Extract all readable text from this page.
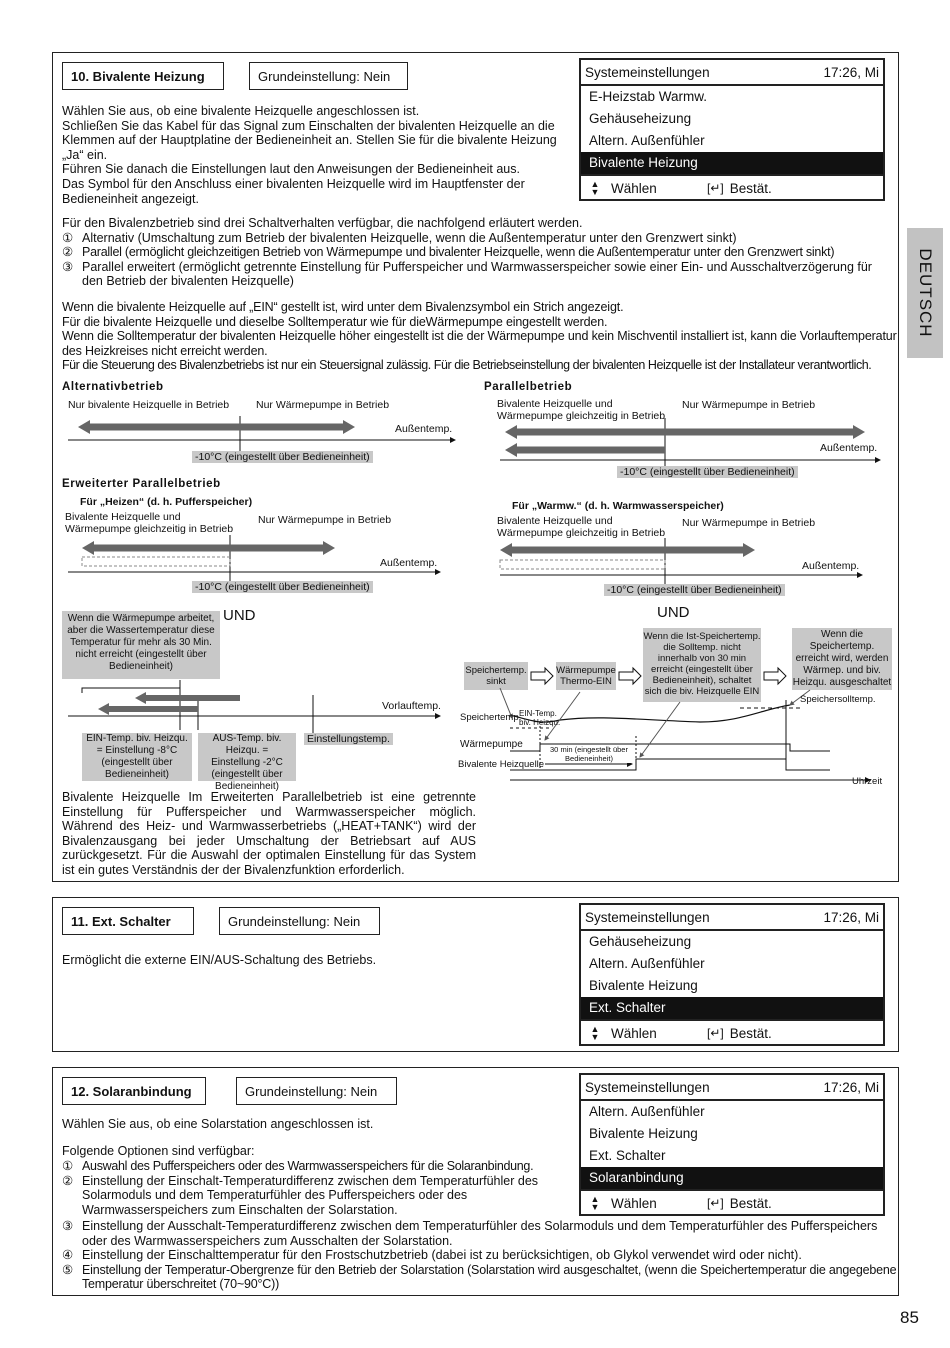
DEUTSCH
10. Bivalente Heizung	Grundeinstellung: Nein	Systemeinstellungen	17:26, Mi
E-Heizstab Warmw.
Gehäuseheizung
Altern. Außenfühler
Bivalente Heizung
▲
▼ Wählen	[↵] Bestät.

Wählen Sie aus, ob eine bivalente Heizquelle angeschlossen ist.

Schließen Sie das Kabel für das Signal zum Einschalten der bivalenten Heizquelle an die Klemmen auf der Hauptplatine der Bedieneinheit an. Stellen Sie für die bivalente Heizung „Ja“ ein.

Führen Sie danach die Einstellungen laut den Anweisungen der Bedieneinheit aus.

Das Symbol für den Anschluss einer bivalenten Heizquelle wird im Hauptfenster der Bedieneinheit angezeigt.

Für den Bivalenzbetrieb sind drei Schaltverhalten verfügbar, die nachfolgend erläutert werden.

① Alternativ (Umschaltung zum Betrieb der bivalenten Heizquelle, wenn die Außentemperatur unter den Grenzwert sinkt)
② Parallel (ermöglicht gleichzeitigen Betrieb von Wärmepumpe und bivalenter Heizquelle, wenn die Außentemperatur unter den Grenzwert sinkt)
③ Parallel erweitert (ermöglicht getrennte Einstellung für Pufferspeicher und Warmwasserspeicher sowie einer Ein- und Ausschaltverzögerung für den Betrieb der bivalenten Heizquelle)

Wenn die bivalente Heizquelle auf „EIN“ gestellt ist, wird unter dem Bivalenzsymbol ein Strich angezeigt.

Für die bivalente Heizquelle und dieselbe Solltemperatur wie für dieWärmepumpe eingestellt werden.

Wenn die Solltemperatur der bivalenten Heizquelle höher eingestellt ist die der Wärmepumpe und kein Mischventil installiert ist, kann die Vorlauftemperatur des Heizkreises nicht erreicht werden.

Für die Steuerung des Bivalenzbetriebs ist nur ein Steuersignal zulässig. Für die Betriebseinstellung der bivalenten Heizquelle ist der Installateur verantwortlich.

Alternativbetrieb
Nur bivalente Heizquelle in Betrieb	Nur Wärmepumpe in Betrieb
Außentemp.
-10°C (eingestellt über Bedieneinheit)
Parallelbetrieb
Bivalente Heizquelle und Wärmepumpe gleichzeitig in Betrieb
Nur Wärmepumpe in Betrieb
Außentemp.
-10°C (eingestellt über Bedieneinheit)
Erweiterter Parallelbetrieb
Für „Heizen“ (d. h. Pufferspeicher)
Bivalente Heizquelle und Wärmepumpe gleichzeitig in Betrieb
Nur Wärmepumpe in Betrieb
Außentemp.
-10°C (eingestellt über Bedieneinheit)
Für „Warmw.“ (d. h. Warmwasserspeicher)
Bivalente Heizquelle und Wärmepumpe gleichzeitig in Betrieb
Nur Wärmepumpe in Betrieb
Außentemp.
-10°C (eingestellt über Bedieneinheit)
UND	UND
Wenn die Wärmepumpe arbeitet, aber die Wassertemperatur diese Temperatur für mehr als 30 Min. nicht erreicht (eingestellt über Bedieneinheit)
Vorlauftemp.
EIN-Temp. biv. Heizqu. = Einstellung -8°C (eingestellt über Bedieneinheit)
AUS-Temp. biv. Heizqu. = Einstellung -2°C (eingestellt über Bedieneinheit)
Einstellungstemp.
Speichertemp. sinkt
Wärmepumpe Thermo-EIN
Wenn die Ist-Speichertemp. die Solltemp. nicht innerhalb von 30 min erreicht (eingestellt über Bedieneinheit), schaltet sich die biv. Heizquelle EIN
Wenn die Speichertemp. erreicht wird, werden Wärmep. und biv. Heizqu. ausgeschaltet
Speichersolltemp.
Speichertemp.
EIN-Temp. biv. Heizqu.
Wärmepumpe
Bivalente Heizquelle
30 min (eingestellt über Bedieneinheit)
Uhrzeit
Bivalente Heizquelle Im Erweiterten Parallelbetrieb ist eine getrennte Einstellung für Pufferspeicher und Warmwasserspeicher möglich. Während des Heiz- und Warmwasserbetriebs („HEAT+TANK“) wird der Bivalenzausgang bei jeder Umschaltung der Betriebsart auf AUS zurückgesetzt. Für die Auswahl der optimalen Einstellung für das System ist ein gutes Verständnis der der Bivalenzfunktion erforderlich.
11. Ext. Schalter	Grundeinstellung: Nein	Systemeinstellungen	17:26, Mi
Gehäuseheizung
Altern. Außenfühler
Bivalente Heizung
Ext. Schalter
▲
▼ Wählen	[↵] Bestät.
Ermöglicht die externe EIN/AUS-Schaltung des Betriebs.
12. Solaranbindung	Grundeinstellung: Nein	Systemeinstellungen	17:26, Mi
Altern. Außenfühler
Bivalente Heizung
Ext. Schalter
Solaranbindung
▲
▼ Wählen	[↵] Bestät.
Wählen Sie aus, ob eine Solarstation angeschlossen ist.
Folgende Optionen sind verfügbar:
① Auswahl des Pufferspeichers oder des Warmwasserspeichers für die Solaranbindung.
② Einstellung der Einschalt-Temperaturdifferenz zwischen dem Temperaturfühler des Solarmoduls und dem Temperaturfühler des Pufferspeichers oder des Warmwasserspeichers zum Einschalten der Solarstation.
③ Einstellung der Ausschalt-Temperaturdifferenz zwischen dem Temperaturfühler des Solarmoduls und dem Temperaturfühler des Pufferspeichers oder des Warmwasserspeichers zum Ausschalten der Solarstation.
④ Einstellung der Einschalttemperatur für den Frostschutzbetrieb (dabei ist zu berücksichtigen, ob Glykol verwendet wird oder nicht).
⑤ Einstellung der Temperatur-Obergrenze für den Betrieb der Solarstation (Solarstation wird ausgeschaltet, (wenn die Speichertemperatur die angegebene Temperatur überschreitet (70~90°C))
85
